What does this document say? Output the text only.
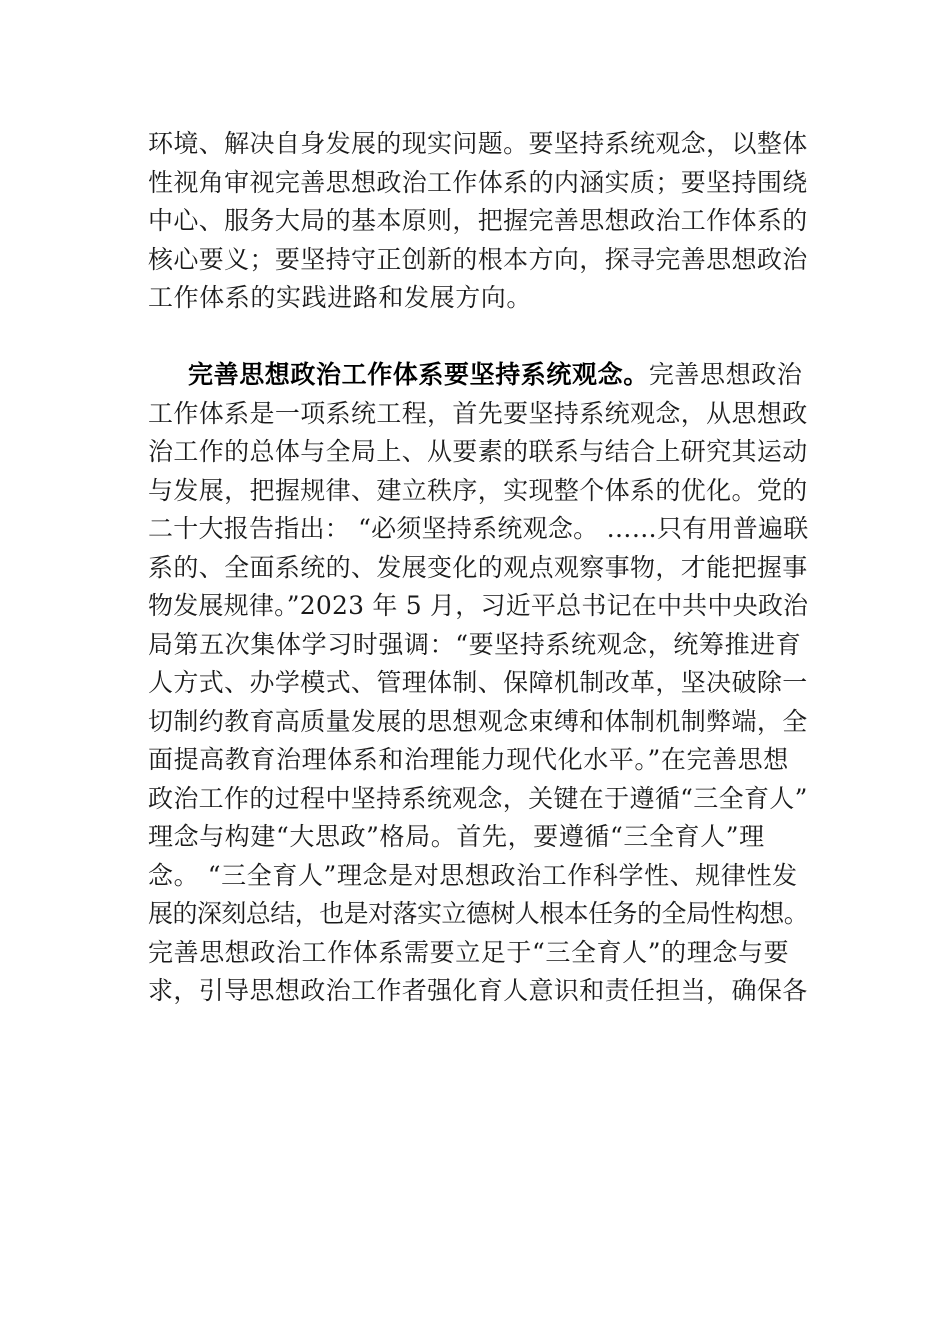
环境、解决自身发展的现实问题。要坚持系统观念，以整体
性视角审视完善思想政治工作体系的内涵实质；要坚持围绕
中心、服务大局的基本原则，把握完善思想政治工作体系的
核心要义；要坚持守正创新的根本方向，探寻完善思想政治
工作体系的实践进路和发展方向。
完善思想政治工作体系要坚持系统观念。完善思想政治
工作体系是一项系统工程，首先要坚持系统观念，从思想政
治工作的总体与全局上、从要素的联系与结合上研究其运动
与发展，把握规律、建立秩序，实现整个体系的优化。党的
二十大报告指出： “必须坚持系统观念。 ……只有用普遍联
系的、全面系统的、发展变化的观点观察事物，才能把握事
物发展规律。”2023 年 5 月，习近平总书记在中共中央政治
局第五次集体学习时强调：“要坚持系统观念，统筹推进育
人方式、办学模式、管理体制、保障机制改革，坚决破除一
切制约教育高质量发展的思想观念束缚和体制机制弊端，全
面提高教育治理体系和治理能力现代化水平。”在完善思想
政治工作的过程中坚持系统观念，关键在于遵循“三全育人”
理念与构建“大思政”格局。首先，要遵循“三全育人”理
念。 “三全育人”理念是对思想政治工作科学性、规律性发
展的深刻总结，也是对落实立德树人根本任务的全局性构想。
完善思想政治工作体系需要立足于“三全育人”的理念与要
求，引导思想政治工作者强化育人意识和责任担当，确保各
